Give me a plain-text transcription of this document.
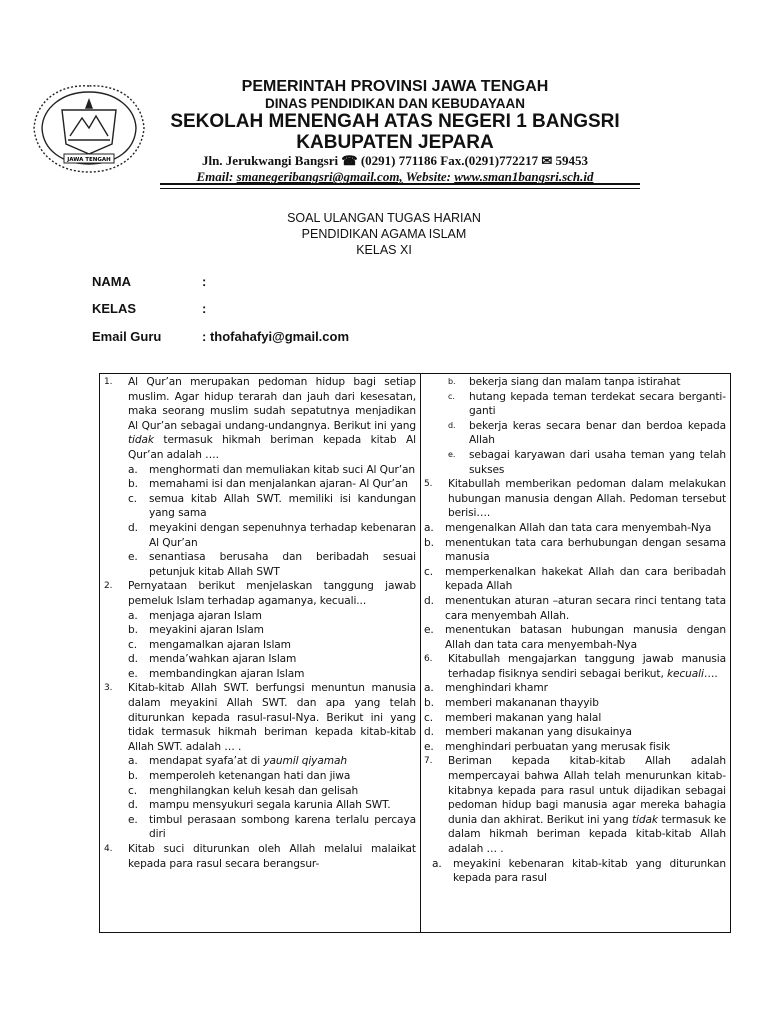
JAWA TENGAH
PEMERINTAH PROVINSI JAWA TENGAH
DINAS PENDIDIKAN DAN KEBUDAYAAN
SEKOLAH MENENGAH ATAS NEGERI 1 BANGSRI
KABUPATEN JEPARA
Jln. Jerukwangi Bangsri ☎ (0291) 771186 Fax.(0291)772217 ✉ 59453
Email: smanegeribangsri@gmail.com, Website: www.sman1bangsri.sch.id
SOAL ULANGAN TUGAS HARIAN
PENDIDIKAN AGAMA ISLAM
KELAS XI
NAMA	:
KELAS	:
Email Guru	: thofahafyi@gmail.com
1.	Al Qur’an merupakan pedoman hidup bagi setiap muslim. Agar hidup terarah dan jauh dari kesesatan, maka seorang muslim sudah sepatutnya menjadikan Al Qur’an sebagai undang-undangnya. Berikut ini yang tidak termasuk hikmah beriman kepada kitab Al Qur’an adalah ….
a.	menghormati dan memuliakan kitab suci Al Qur’an
b.	memahami isi dan menjalankan ajaran- Al Qur’an
c.	semua kitab Allah SWT. memiliki isi kandungan yang sama
d.	meyakini dengan sepenuhnya terhadap kebenaran Al Qur’an
e.	senantiasa berusaha dan beribadah sesuai petunjuk kitab Allah SWT
2.	Pernyataan berikut menjelaskan tanggung jawab pemeluk Islam terhadap agamanya, kecuali...
a.	menjaga ajaran Islam
b.	meyakini ajaran Islam
c.	mengamalkan ajaran Islam
d.	menda’wahkan ajaran Islam
e.	membandingkan ajaran Islam
3.	Kitab-kitab Allah SWT. berfungsi menuntun manusia dalam meyakini Allah SWT. dan apa yang telah diturunkan kepada rasul-rasul-Nya. Berikut ini yang tidak termasuk hikmah beriman kepada kitab-kitab Allah SWT. adalah … .
a.	mendapat syafa’at di yaumil qiyamah
b.	memperoleh ketenangan hati dan jiwa
c.	menghilangkan keluh kesah dan gelisah
d.	mampu mensyukuri segala karunia Allah SWT.
e.	timbul perasaan sombong karena terlalu percaya diri
4.	Kitab suci diturunkan oleh Allah melalui malaikat kepada para rasul secara berangsur-
b.	bekerja siang dan malam tanpa istirahat
c.	hutang kepada teman terdekat secara berganti-ganti
d.	bekerja keras secara benar dan berdoa kepada Allah
e.	sebagai karyawan dari usaha teman yang telah sukses
5.	Kitabullah memberikan pedoman dalam melakukan hubungan manusia dengan Allah. Pedoman tersebut berisi….
a.	mengenalkan Allah dan tata cara menyembah-Nya
b.	menentukan tata cara berhubungan dengan sesama manusia
c.	memperkenalkan hakekat Allah dan cara beribadah kepada Allah
d.	menentukan aturan –aturan secara rinci tentang tata cara menyembah Allah.
e.	menentukan batasan hubungan manusia dengan Allah dan tata cara menyembah-Nya
6.	Kitabullah mengajarkan tanggung jawab manusia terhadap fisiknya sendiri sebagai berikut, kecuali….
a.	menghindari khamr
b.	memberi makananan thayyib
c.	memberi makanan yang halal
d.	memberi makanan yang disukainya
e.	menghindari perbuatan yang merusak fisik
7.	Beriman kepada kitab-kitab Allah adalah mempercayai bahwa Allah telah menurunkan kitab-kitabnya kepada para rasul untuk dijadikan sebagai pedoman hidup bagi manusia agar mereka bahagia dunia dan akhirat. Berikut ini yang tidak termasuk ke dalam hikmah beriman kepada kitab-kitab Allah adalah … .
a.	meyakini kebenaran kitab-kitab yang diturunkan kepada para rasul
